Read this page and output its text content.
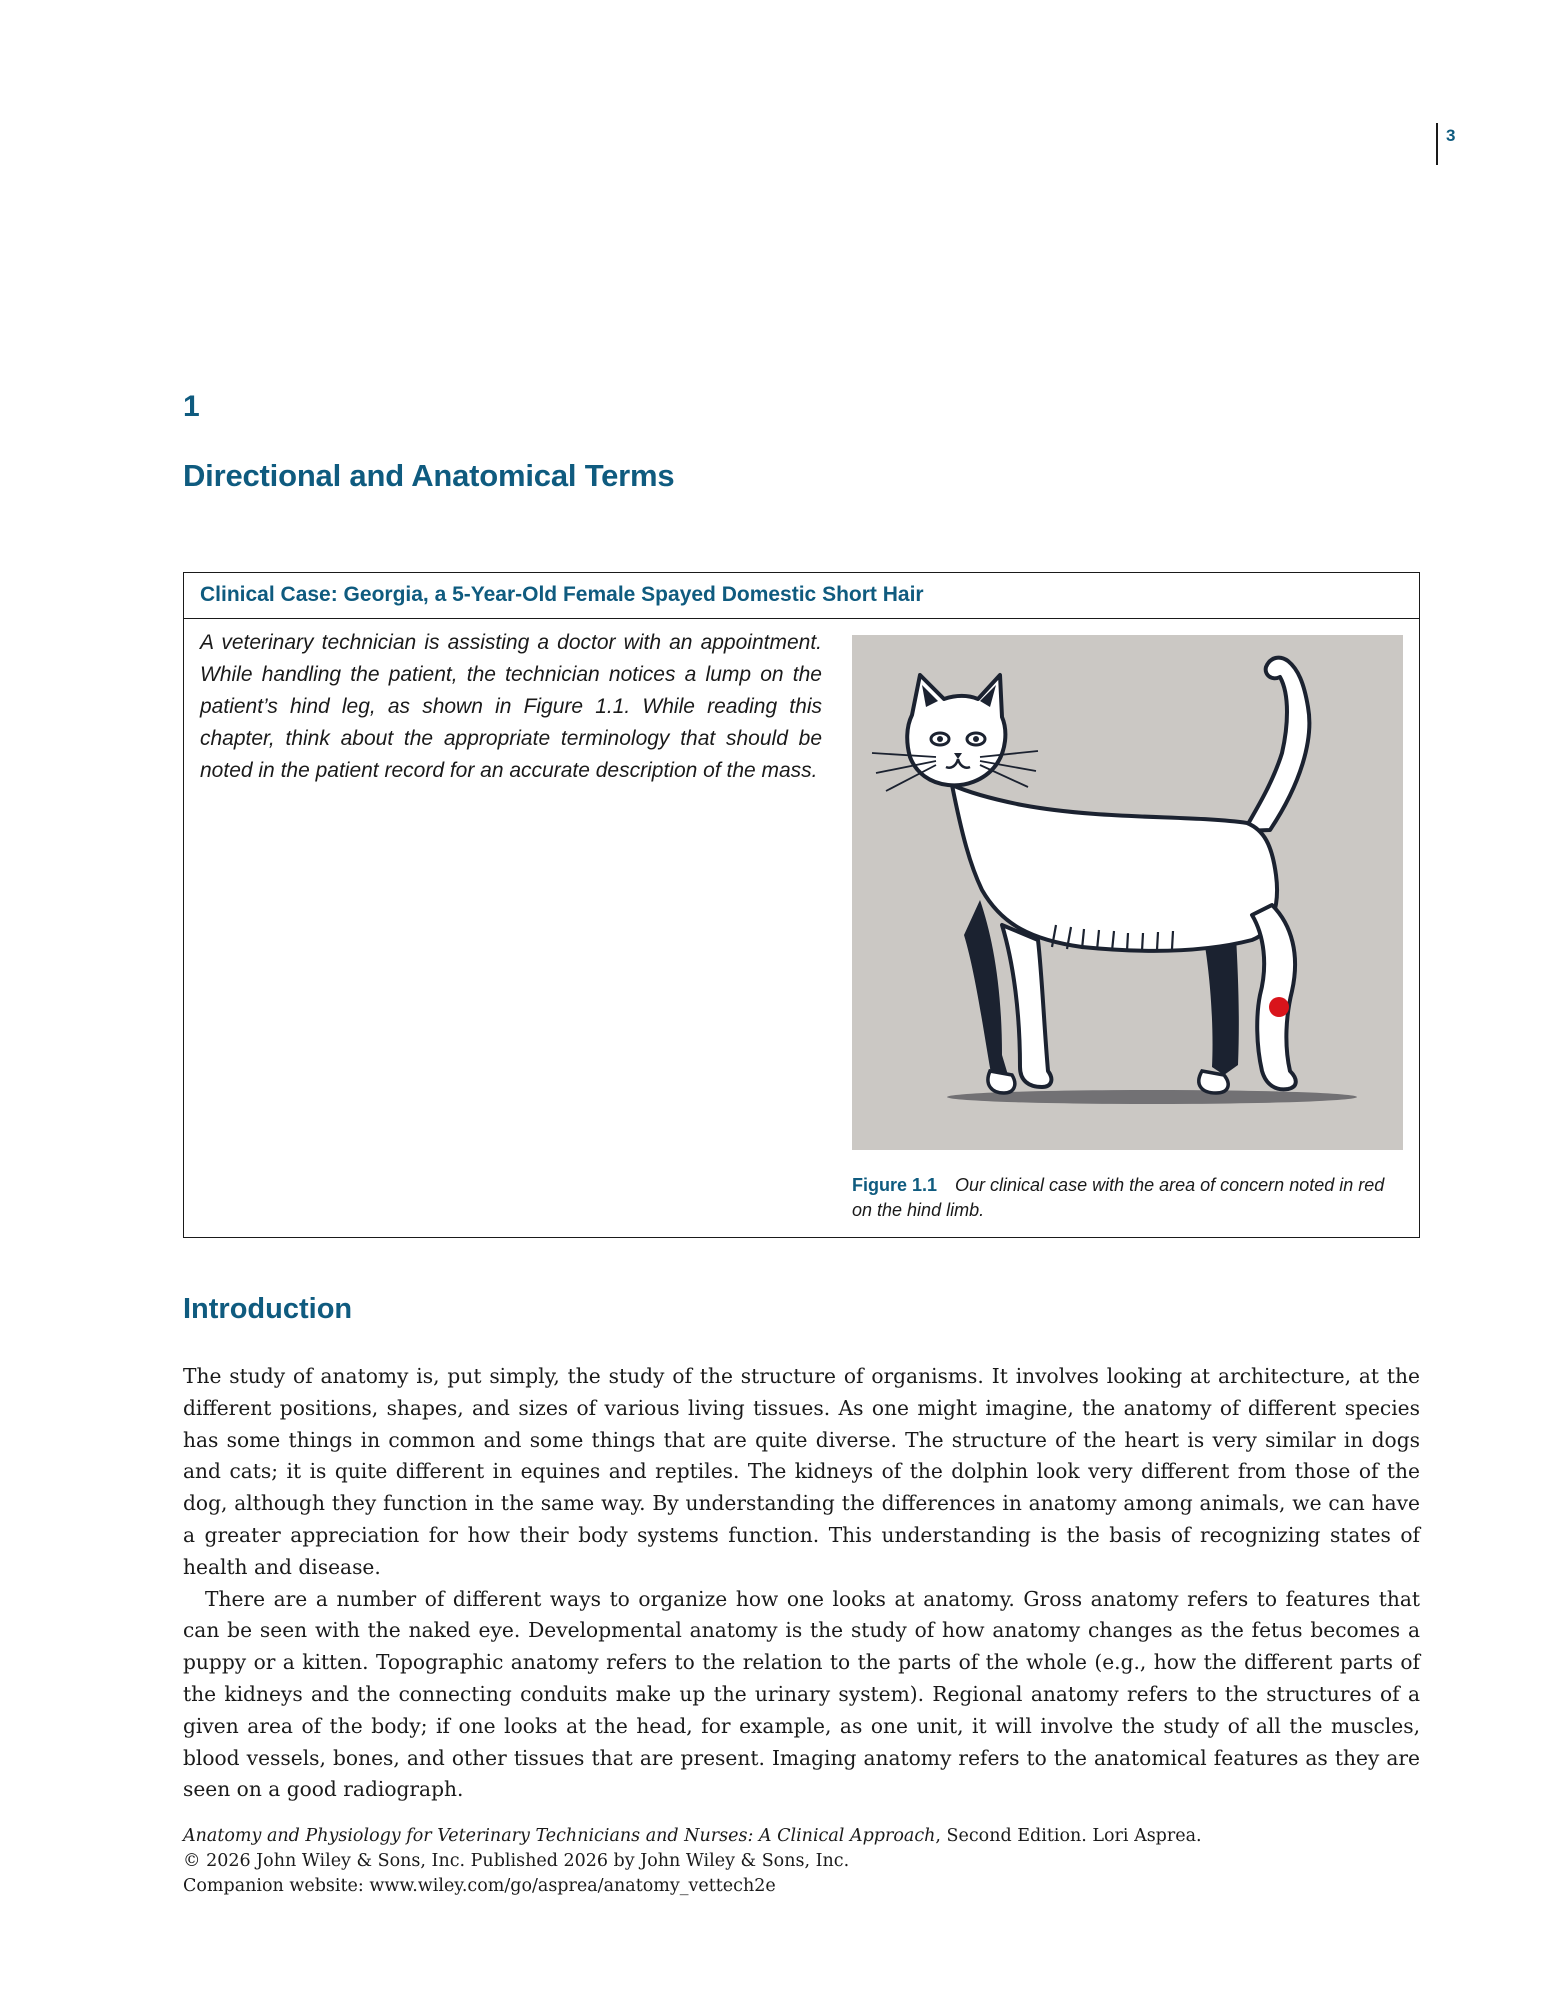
3
1
Directional and Anatomical Terms
Clinical Case: Georgia, a 5-Year-Old Female Spayed Domestic Short Hair
A veterinary technician is assisting a doctor with an appointment. While handling the patient, the technician notices a lump on the patient’s hind leg, as shown in Figure 1.1. While reading this chapter, think about the appropriate terminology that should be noted in the patient record for an accurate description of the mass.
Figure 1.1 Our clinical case with the area of concern noted in red on the hind limb.
Introduction

The study of anatomy is, put simply, the study of the structure of organisms. It involves looking at architecture, at the different positions, shapes, and sizes of various living tissues. As one might imagine, the anatomy of different species has some things in common and some things that are quite diverse. The structure of the heart is very similar in dogs and cats; it is quite different in equines and reptiles. The kidneys of the dolphin look very different from those of the dog, although they function in the same way. By understanding the differences in anatomy among animals, we can have a greater appreciation for how their body systems function. This understanding is the basis of recognizing states of health and disease.

There are a number of different ways to organize how one looks at anatomy. Gross anatomy refers to features that can be seen with the naked eye. Developmental anatomy is the study of how anatomy changes as the fetus becomes a puppy or a kitten. Topographic anatomy refers to the relation to the parts of the whole (e.g., how the different parts of the kidneys and the connecting conduits make up the urinary system). Regional anatomy refers to the structures of a given area of the body; if one looks at the head, for example, as one unit, it will involve the study of all the muscles, blood vessels, bones, and other tissues that are present. Imaging anatomy refers to the anatomical features as they are seen on a good radiograph.

Anatomy and Physiology for Veterinary Technicians and Nurses: A Clinical Approach, Second Edition. Lori Asprea.
© 2026 John Wiley & Sons, Inc. Published 2026 by John Wiley & Sons, Inc.
Companion website: www.wiley.com/go/asprea/anatomy_vettech2e
